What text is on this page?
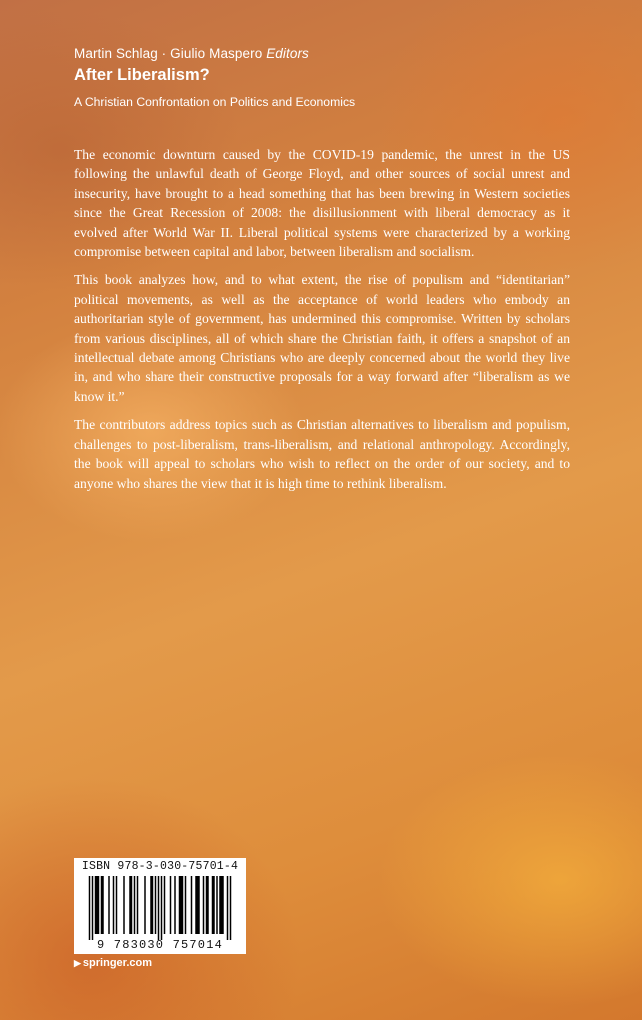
Martin Schlag · Giulio Maspero Editors
After Liberalism?
A Christian Confrontation on Politics and Economics

The economic downturn caused by the COVID-19 pandemic, the unrest in the US following the unlawful death of George Floyd, and other sources of social unrest and insecurity, have brought to a head something that has been brewing in Western societies since the Great Recession of 2008: the disillusionment with liberal democracy as it evolved after World War II. Liberal political systems were characterized by a working compromise between capital and labor, between liberalism and socialism.

This book analyzes how, and to what extent, the rise of populism and “identitarian” political movements, as well as the acceptance of world leaders who embody an authoritarian style of government, has undermined this compromise. Written by scholars from various disciplines, all of which share the Christian faith, it offers a snapshot of an intellectual debate among Christians who are deeply concerned about the world they live in, and who share their constructive proposals for a way forward after “liberalism as we know it.”

The contributors address topics such as Christian alternatives to liberalism and populism, challenges to post-liberalism, trans-liberalism, and relational anthropology. Accordingly, the book will appeal to scholars who wish to reflect on the order of our society, and to anyone who shares the view that it is high time to rethink liberalism.

ISBN 978-3-030-75701-4
9 783030 757014
▶ springer.com
